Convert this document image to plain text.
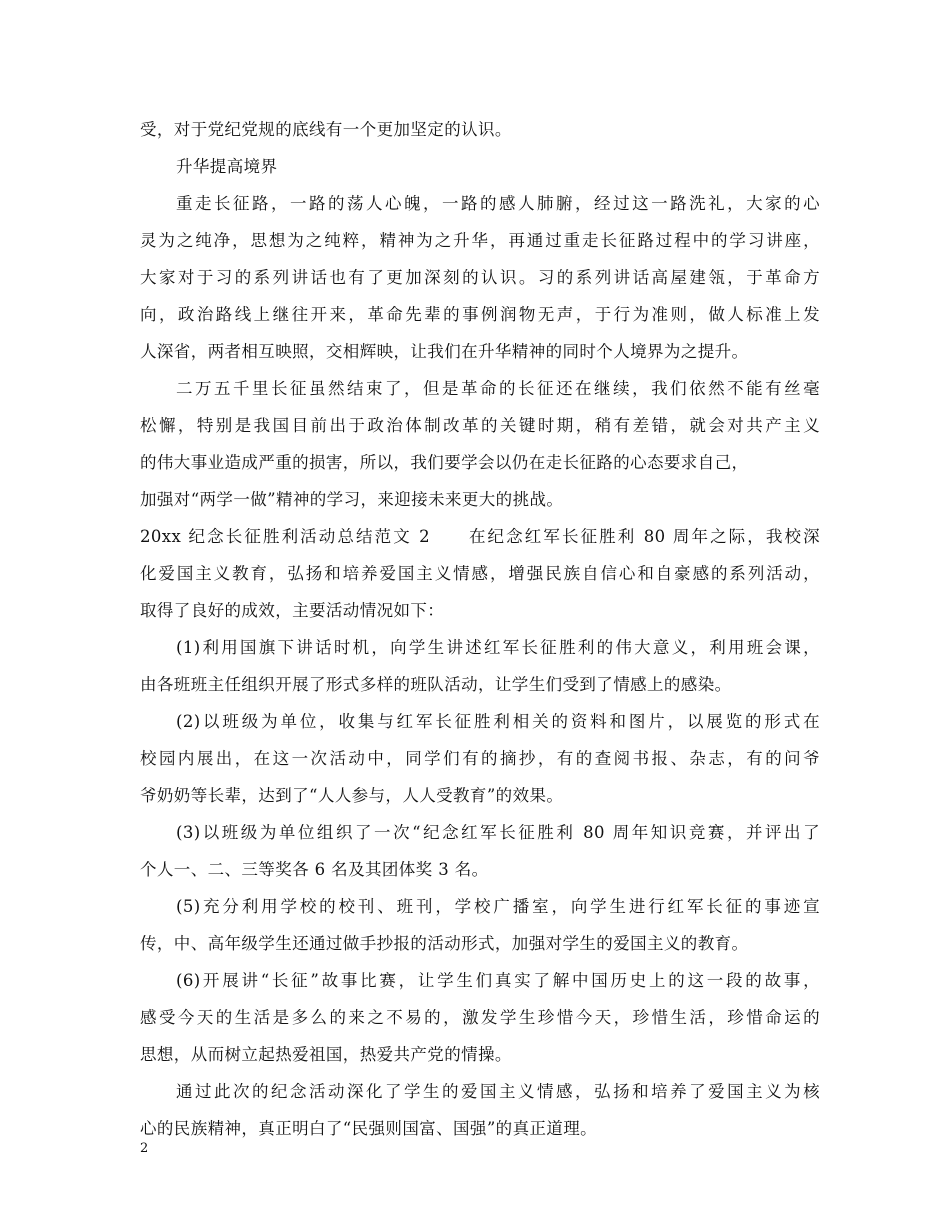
受，对于党纪党规的底线有一个更加坚定的认识。
升华提高境界
重走长征路，一路的荡人心魄，一路的感人肺腑，经过这一路洗礼，大家的心
灵为之纯净，思想为之纯粹，精神为之升华，再通过重走长征路过程中的学习讲座，
大家对于习的系列讲话也有了更加深刻的认识。习的系列讲话高屋建瓴，于革命方
向，政治路线上继往开来，革命先辈的事例润物无声，于行为准则，做人标准上发
人深省，两者相互映照，交相辉映，让我们在升华精神的同时个人境界为之提升。
二万五千里长征虽然结束了，但是革命的长征还在继续，我们依然不能有丝毫
松懈，特别是我国目前出于政治体制改革的关键时期，稍有差错，就会对共产主义
的伟大事业造成严重的损害，所以，我们要学会以仍在走长征路的心态要求自己，
加强对“两学一做”精神的学习，来迎接未来更大的挑战。
20xx 纪念长征胜利活动总结范文 2　　在纪念红军长征胜利 80 周年之际，我校深
化爱国主义教育，弘扬和培养爱国主义情感，增强民族自信心和自豪感的系列活动，
取得了良好的成效，主要活动情况如下：
(1)利用国旗下讲话时机，向学生讲述红军长征胜利的伟大意义，利用班会课，
由各班班主任组织开展了形式多样的班队活动，让学生们受到了情感上的感染。
(2)以班级为单位，收集与红军长征胜利相关的资料和图片，以展览的形式在
校园内展出，在这一次活动中，同学们有的摘抄，有的查阅书报、杂志，有的问爷
爷奶奶等长辈，达到了“人人参与，人人受教育”的效果。
(3)以班级为单位组织了一次“纪念红军长征胜利 80 周年知识竞赛，并评出了
个人一、二、三等奖各 6 名及其团体奖 3 名。
(5)充分利用学校的校刊、班刊，学校广播室，向学生进行红军长征的事迹宣
传，中、高年级学生还通过做手抄报的活动形式，加强对学生的爱国主义的教育。
(6)开展讲“长征”故事比赛，让学生们真实了解中国历史上的这一段的故事，
感受今天的生活是多么的来之不易的，激发学生珍惜今天，珍惜生活，珍惜命运的
思想，从而树立起热爱祖国，热爱共产党的情操。
通过此次的纪念活动深化了学生的爱国主义情感，弘扬和培养了爱国主义为核
心的民族精神，真正明白了“民强则国富、国强”的真正道理。
2
